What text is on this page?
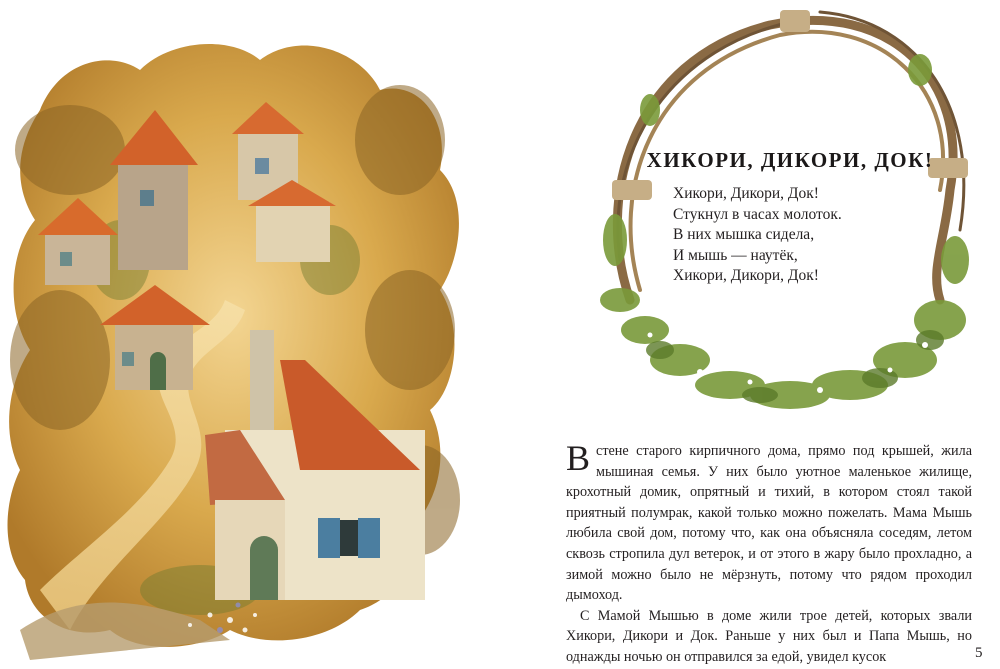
ХИКОРИ, ДИКОРИ, ДОК!
Хикори, Дикори, Док!
Стукнул в часах молоток.
В них мышка сидела,
И мышь — наутёк,
Хикори, Дикори, Док!

В стене старого кирпичного дома, прямо под крышей, жила мышиная семья. У них было уютное маленькое жилище, крохотный домик, опрятный и тихий, в котором стоял такой приятный полумрак, какой только можно пожелать. Мама Мышь любила свой дом, потому что, как она объясняла соседям, летом сквозь стропила дул ветерок, и от этого в жару было прохладно, а зимой можно было не мёрзнуть, потому что рядом проходил дымоход.

С Мамой Мышью в доме жили трое детей, которых звали Хикори, Дикори и Док. Раньше у них был и Папа Мышь, но однажды ночью он отправился за едой, увидел кусок	5
